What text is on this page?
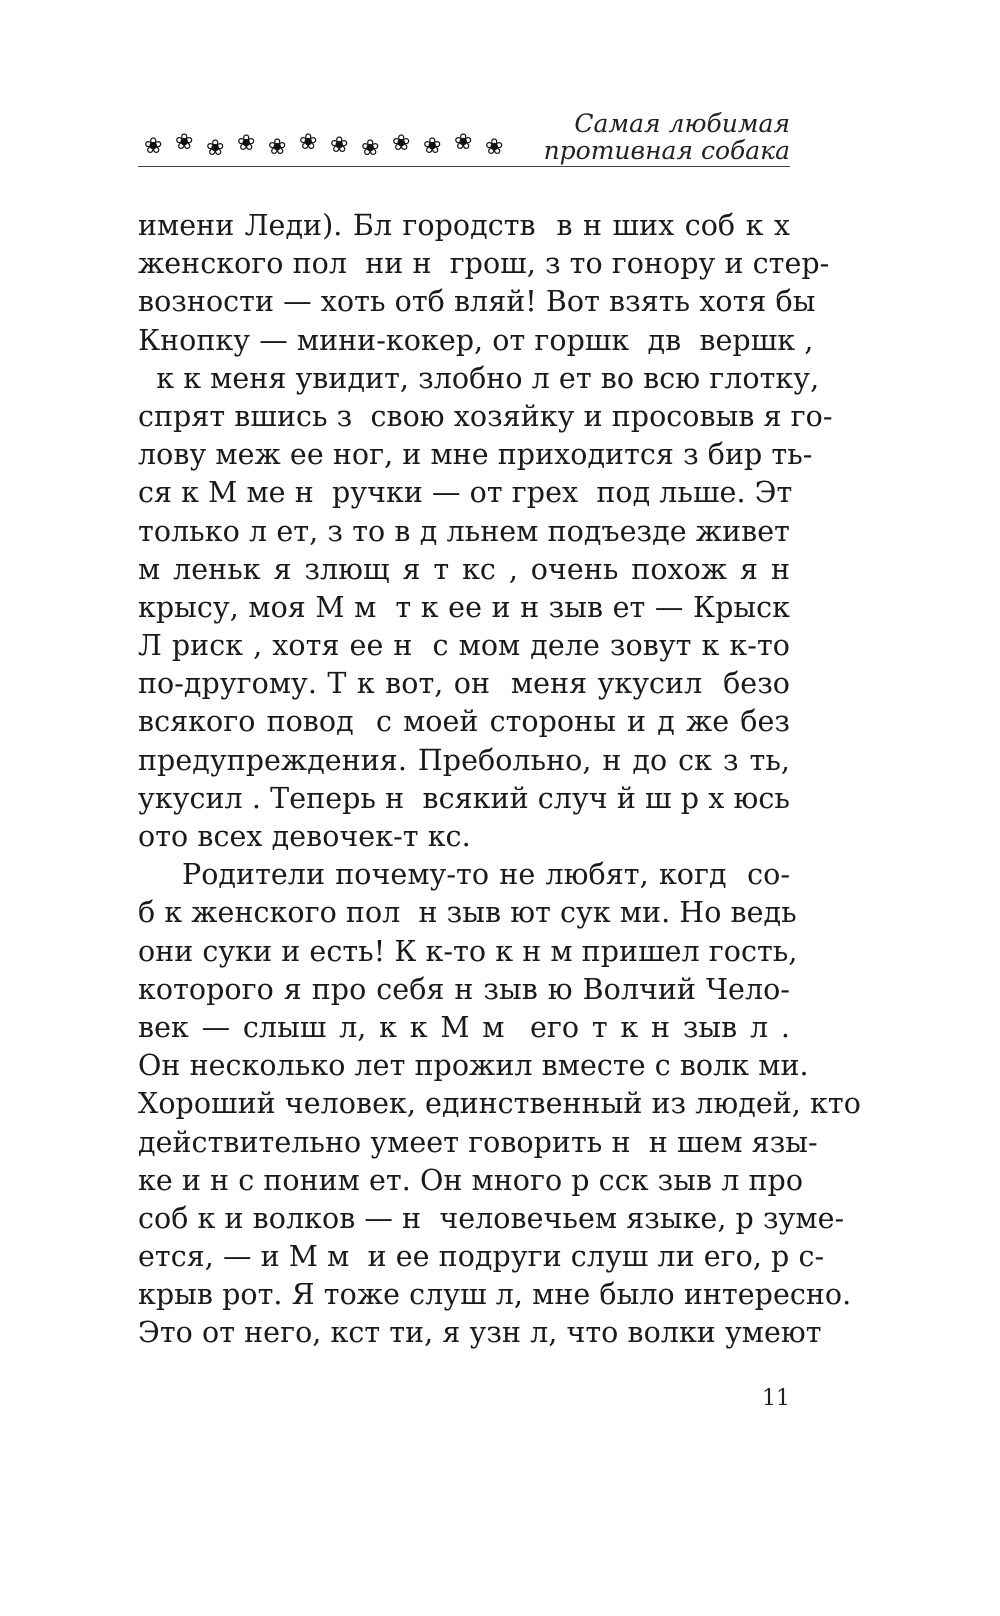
❀ ❀ ❀ ❀ ❀ ❀ ❀ ❀ ❀ ❀ ❀ ❀
Самая любимая
противная собака
имени Леди). Бл городств  в н ших соб к х
женского пол  ни н  грош, з то гонору и стер-
возности — хоть отб вляй! Вот взять хотя бы
Кнопку — мини-кокер, от горшк  дв  вершк ,
к к меня увидит, злобно л ет во всю глотку,
спрят вшись з  свою хозяйку и просовыв я го-
лову меж ее ног, и мне приходится з бир ть-
ся к М ме н  ручки — от грех  под льше. Эт
только л ет, з то в д льнем подъезде живет
м леньк я злющ я т кс , очень похож я н
крысу, моя М м  т к ее и н зыв ет — Крыск
Л риск , хотя ее н  с мом деле зовут к к-то
по-другому. Т к вот, он  меня укусил  безо
всякого повод  с моей стороны и д же без
предупреждения. Пребольно, н до ск з ть,
укусил . Теперь н  всякий случ й ш р х юсь
ото всех девочек-т кс.
Родители почему-то не любят, когд  со-
б к женского пол  н зыв ют сук ми. Но ведь
они суки и есть! К к-то к н м пришел гость,
которого я про себя н зыв ю Волчий Чело-
век — слыш л, к к М м  его т к н зыв л .
Он несколько лет прожил вместе с волк ми.
Хороший человек, единственный из людей, кто
действительно умеет говорить н  н шем язы-
ке и н с поним ет. Он много р сск зыв л про
соб к и волков — н  человечьем языке, р зуме-
ется, — и М м  и ее подруги слуш ли его, р с-
крыв рот. Я тоже слуш л, мне было интересно.
Это от него, кст ти, я узн л, что волки умеют
11
